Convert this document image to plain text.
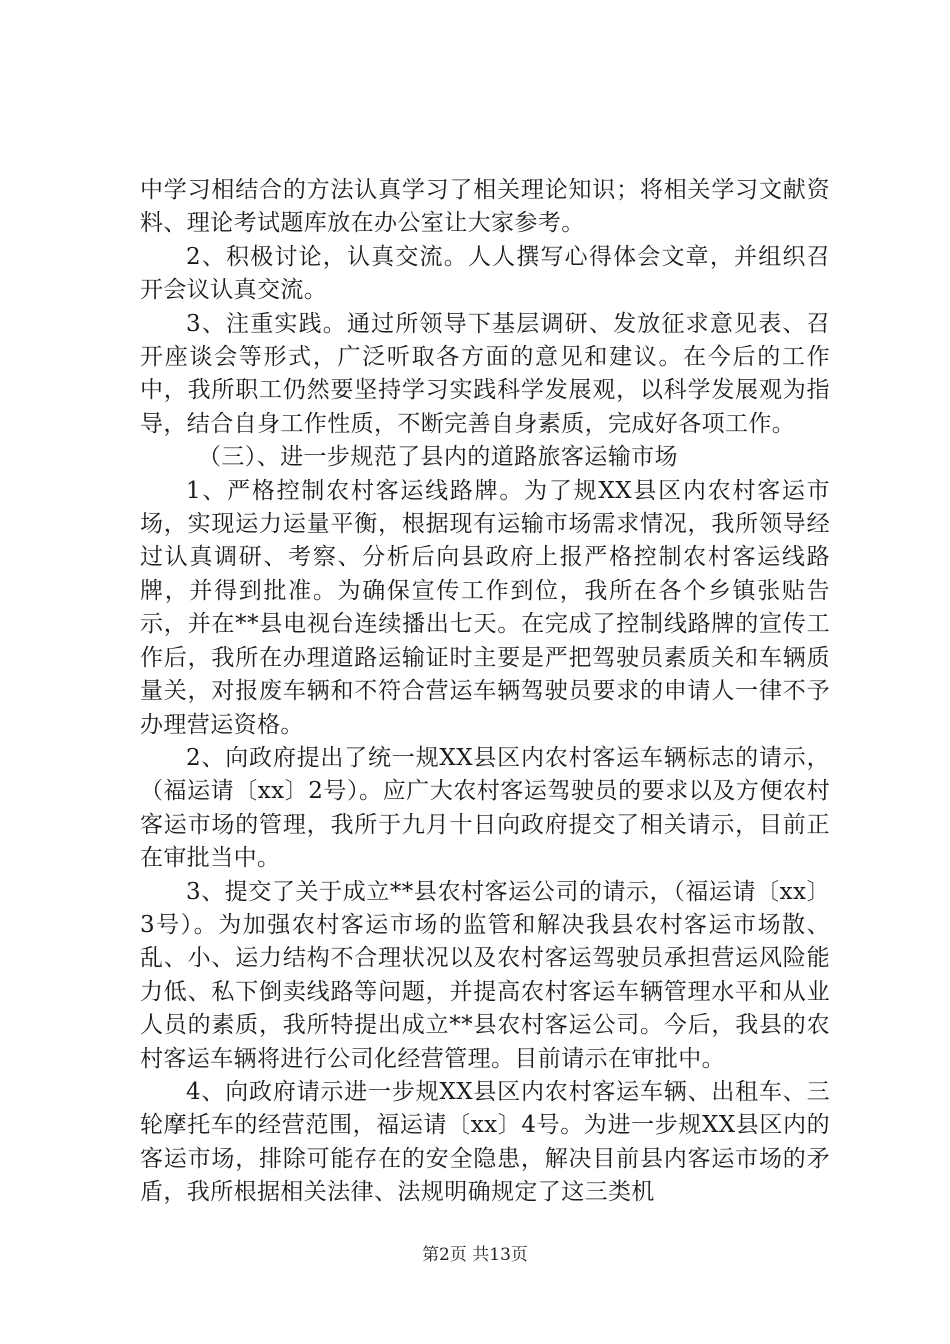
中学习相结合的方法认真学习了相关理论知识；将相关学习文献资料、理论考试题库放在办公室让大家参考。

2、积极讨论，认真交流。人人撰写心得体会文章，并组织召开会议认真交流。

3、注重实践。通过所领导下基层调研、发放征求意见表、召开座谈会等形式，广泛听取各方面的意见和建议。在今后的工作中，我所职工仍然要坚持学习实践科学发展观，以科学发展观为指导，结合自身工作性质，不断完善自身素质，完成好各项工作。

（三）、进一步规范了县内的道路旅客运输市场

1、严格控制农村客运线路牌。为了规XX县区内农村客运市场，实现运力运量平衡，根据现有运输市场需求情况，我所领导经过认真调研、考察、分析后向县政府上报严格控制农村客运线路牌，并得到批准。为确保宣传工作到位，我所在各个乡镇张贴告示，并在**县电视台连续播出七天。在完成了控制线路牌的宣传工作后，我所在办理道路运输证时主要是严把驾驶员素质关和车辆质量关，对报废车辆和不符合营运车辆驾驶员要求的申请人一律不予办理营运资格。

2、向政府提出了统一规XX县区内农村客运车辆标志的请示，（福运请〔xx〕2号）。应广大农村客运驾驶员的要求以及方便农村客运市场的管理，我所于九月十日向政府提交了相关请示，目前正在审批当中。

3、提交了关于成立**县农村客运公司的请示，（福运请〔xx〕3号）。为加强农村客运市场的监管和解决我县农村客运市场散、乱、小、运力结构不合理状况以及农村客运驾驶员承担营运风险能力低、私下倒卖线路等问题，并提高农村客运车辆管理水平和从业人员的素质，我所特提出成立**县农村客运公司。今后，我县的农村客运车辆将进行公司化经营管理。目前请示在审批中。

4、向政府请示进一步规XX县区内农村客运车辆、出租车、三轮摩托车的经营范围，福运请〔xx〕4号。为进一步规XX县区内的客运市场，排除可能存在的安全隐患，解决目前县内客运市场的矛盾，我所根据相关法律、法规明确规定了这三类机

第2页 共13页
